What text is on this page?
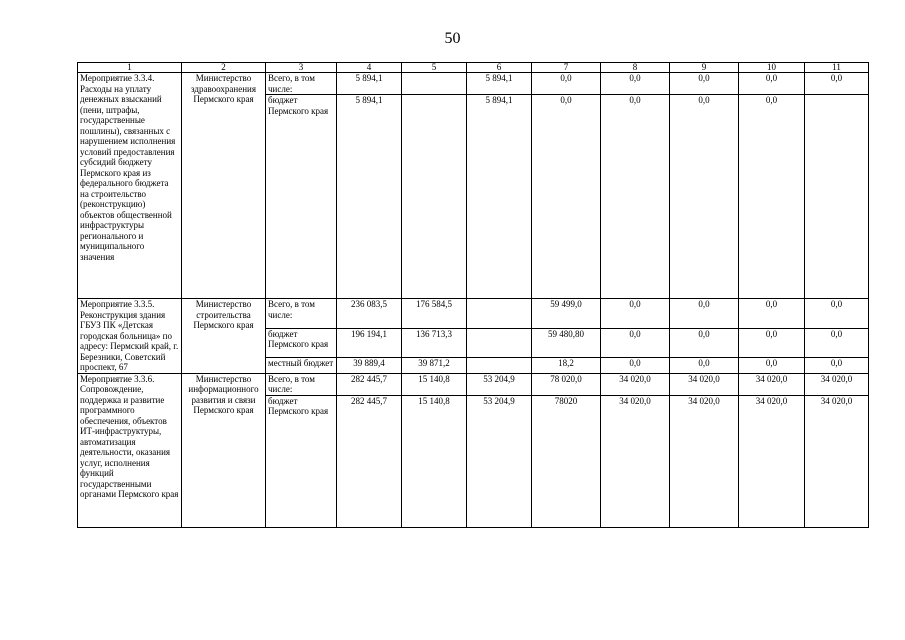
50
1	2	3	4	5	6	7	8	9	10	11
Мероприятие 3.3.4. Расходы на уплату денежных взысканий (пени, штрафы, государственные пошлины), связанных с нарушением исполнения условий предоставления субсидий бюджету Пермского края из федерального бюджета на строительство (реконструкцию) объектов общественной инфраструктуры регионального и муниципального значения	Министерство здравоохранения Пермского края	Всего, в том числе:	5 894,1		5 894,1	0,0	0,0	0,0	0,0	0,0
		бюджет Пермского края	5 894,1		5 894,1	0,0	0,0	0,0	0,0	
Мероприятие 3.3.5. Реконструкция здания ГБУЗ ПК «Детская городская больница» по адресу: Пермский край, г. Березники, Советский проспект, 67	Министерство строительства Пермского края	Всего, в том числе:	236 083,5	176 584,5		59 499,0	0,0	0,0	0,0	0,0
		бюджет Пермского края	196 194,1	136 713,3		59 480,80	0,0	0,0	0,0	0,0
		местный бюджет	39 889,4	39 871,2		18,2	0,0	0,0	0,0	0,0
Мероприятие 3.3.6. Сопровождение, поддержка и развитие программного обеспечения, объектов ИТ-инфраструктуры, автоматизация деятельности, оказания услуг, исполнения функций государственными органами Пермского края	Министерство информационного развития и связи Пермского края	Всего, в том числе:	282 445,7	15 140,8	53 204,9	78 020,0	34 020,0	34 020,0	34 020,0	34 020,0
		бюджет Пермского края	282 445,7	15 140,8	53 204,9	78020	34 020,0	34 020,0	34 020,0	34 020,0
